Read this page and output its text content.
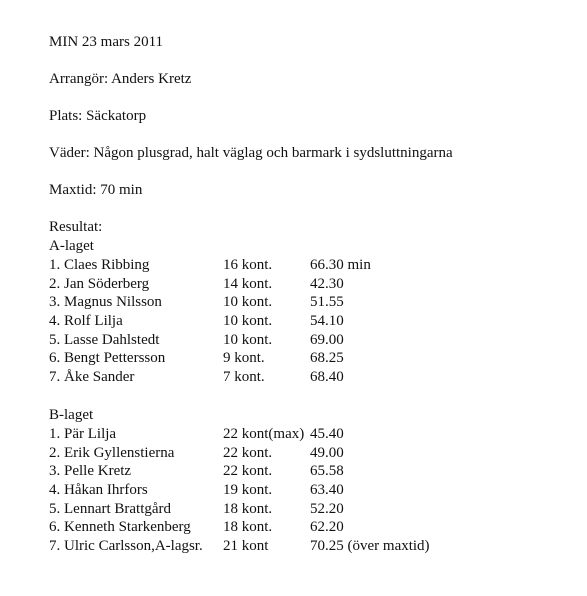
MIN 23 mars 2011
Arrangör: Anders Kretz
Plats: Säckatorp
Väder: Någon plusgrad, halt väglag och barmark i sydsluttningarna
Maxtid: 70 min
Resultat:
A-laget
1. Claes Ribbing	16 kont.	66.30 min
2. Jan Söderberg	14 kont.	42.30
3. Magnus Nilsson	10 kont.	51.55
4. Rolf Lilja	10 kont.	54.10
5. Lasse Dahlstedt	10 kont.	69.00
6. Bengt Pettersson	9 kont.	68.25
7. Åke Sander	7 kont.	68.40
B-laget
1. Pär Lilja	22 kont(max) 45.40
2. Erik Gyllenstierna	22 kont.	49.00
3. Pelle Kretz	22 kont.	65.58
4. Håkan Ihrfors	19 kont.	63.40
5. Lennart Brattgård	18 kont.	52.20
6. Kenneth Starkenberg 18 kont.	62.20
7. Ulric Carlsson,A-lagsr. 21 kont	70.25 (över maxtid)
